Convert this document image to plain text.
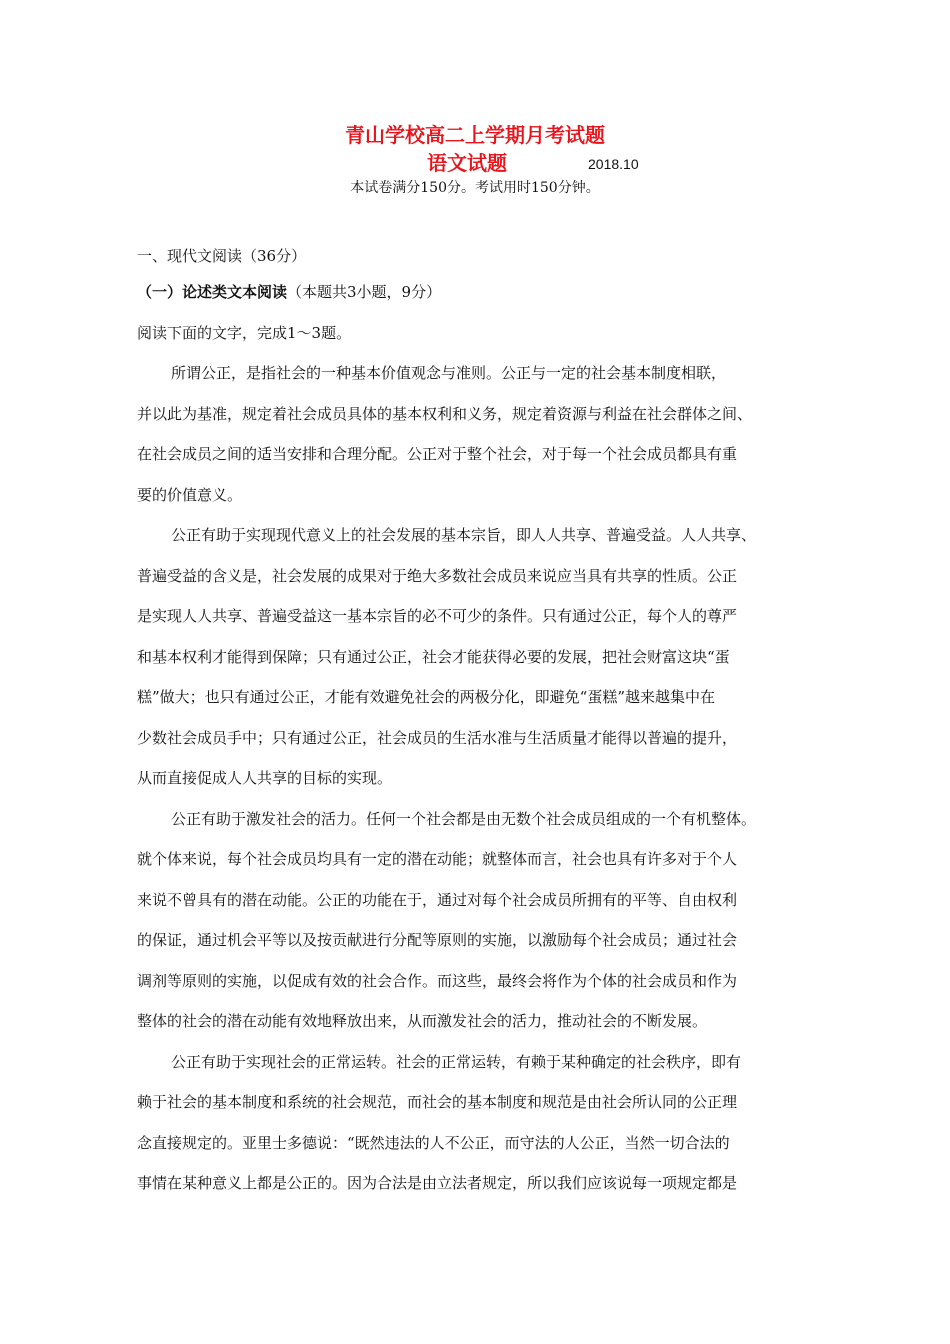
青山学校高二上学期月考试题
语文试题	2018.10
本试卷满分150分。考试用时150分钟。
一、现代文阅读（36分）
（一）论述类文本阅读（本题共3小题，9分）
阅读下面的文字，完成1～3题。
所谓公正，是指社会的一种基本价值观念与准则。公正与一定的社会基本制度相联，
并以此为基准，规定着社会成员具体的基本权利和义务，规定着资源与利益在社会群体之间、
在社会成员之间的适当安排和合理分配。公正对于整个社会，对于每一个社会成员都具有重
要的价值意义。
公正有助于实现现代意义上的社会发展的基本宗旨，即人人共享、普遍受益。人人共享、
普遍受益的含义是，社会发展的成果对于绝大多数社会成员来说应当具有共享的性质。公正
是实现人人共享、普遍受益这一基本宗旨的必不可少的条件。只有通过公正，每个人的尊严
和基本权利才能得到保障；只有通过公正，社会才能获得必要的发展，把社会财富这块“蛋
糕”做大；也只有通过公正，才能有效避免社会的两极分化，即避免“蛋糕”越来越集中在
少数社会成员手中；只有通过公正，社会成员的生活水准与生活质量才能得以普遍的提升，
从而直接促成人人共享的目标的实现。
公正有助于激发社会的活力。任何一个社会都是由无数个社会成员组成的一个有机整体。
就个体来说，每个社会成员均具有一定的潜在动能；就整体而言，社会也具有许多对于个人
来说不曾具有的潜在动能。公正的功能在于，通过对每个社会成员所拥有的平等、自由权利
的保证，通过机会平等以及按贡献进行分配等原则的实施，以激励每个社会成员；通过社会
调剂等原则的实施，以促成有效的社会合作。而这些，最终会将作为个体的社会成员和作为
整体的社会的潜在动能有效地释放出来，从而激发社会的活力，推动社会的不断发展。
公正有助于实现社会的正常运转。社会的正常运转，有赖于某种确定的社会秩序，即有
赖于社会的基本制度和系统的社会规范，而社会的基本制度和规范是由社会所认同的公正理
念直接规定的。亚里士多德说：“既然违法的人不公正，而守法的人公正，当然一切合法的
事情在某种意义上都是公正的。因为合法是由立法者规定，所以我们应该说每一项规定都是
